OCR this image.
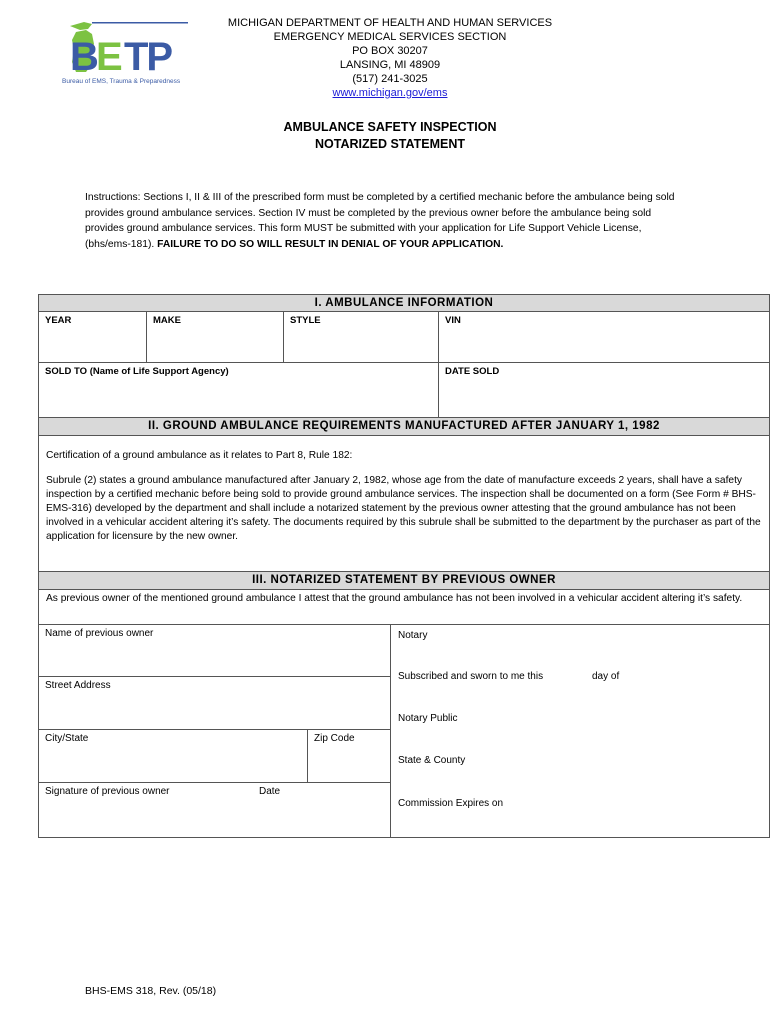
B E TP
Bureau of EMS, Trauma & Preparedness
MICHIGAN DEPARTMENT OF HEALTH AND HUMAN SERVICES
EMERGENCY MEDICAL SERVICES SECTION
PO BOX 30207
LANSING, MI 48909
(517) 241-3025
www.michigan.gov/ems
AMBULANCE SAFETY INSPECTION
NOTARIZED STATEMENT
Instructions: Sections I, II & III of the prescribed form must be completed by a certified mechanic before the ambulance being sold provides ground ambulance services. Section IV must be completed by the previous owner before the ambulance being sold provides ground ambulance services. This form MUST be submitted with your application for Life Support Vehicle License, (bhs/ems-181). FAILURE TO DO SO WILL RESULT IN DENIAL OF YOUR APPLICATION.
I. AMBULANCE INFORMATION
YEAR	MAKE	STYLE	VIN
SOLD TO (Name of Life Support Agency)	DATE SOLD
II. GROUND AMBULANCE REQUIREMENTS MANUFACTURED AFTER JANUARY 1, 1982
Certification of a ground ambulance as it relates to Part 8, Rule 182:
Subrule (2) states a ground ambulance manufactured after January 2, 1982, whose age from the date of manufacture exceeds 2 years, shall have a safety inspection by a certified mechanic before being sold to provide ground ambulance services. The inspection shall be documented on a form (See Form # BHS-EMS-316) developed by the department and shall include a notarized statement by the previous owner attesting that the ground ambulance has not been involved in a vehicular accident altering it’s safety. The documents required by this subrule shall be submitted to the department by the purchaser as part of the application for licensure by the new owner.
III. NOTARIZED STATEMENT BY PREVIOUS OWNER
As previous owner of the mentioned ground ambulance I attest that the ground ambulance has not been involved in a vehicular accident altering it’s safety.
Name of previous owner
Street Address
City/State	Zip Code
Signature of previous owner	Date
Notary
Subscribed and sworn to me this	day of
Notary Public
State & County
Commission Expires on
BHS-EMS 318, Rev. (05/18)
